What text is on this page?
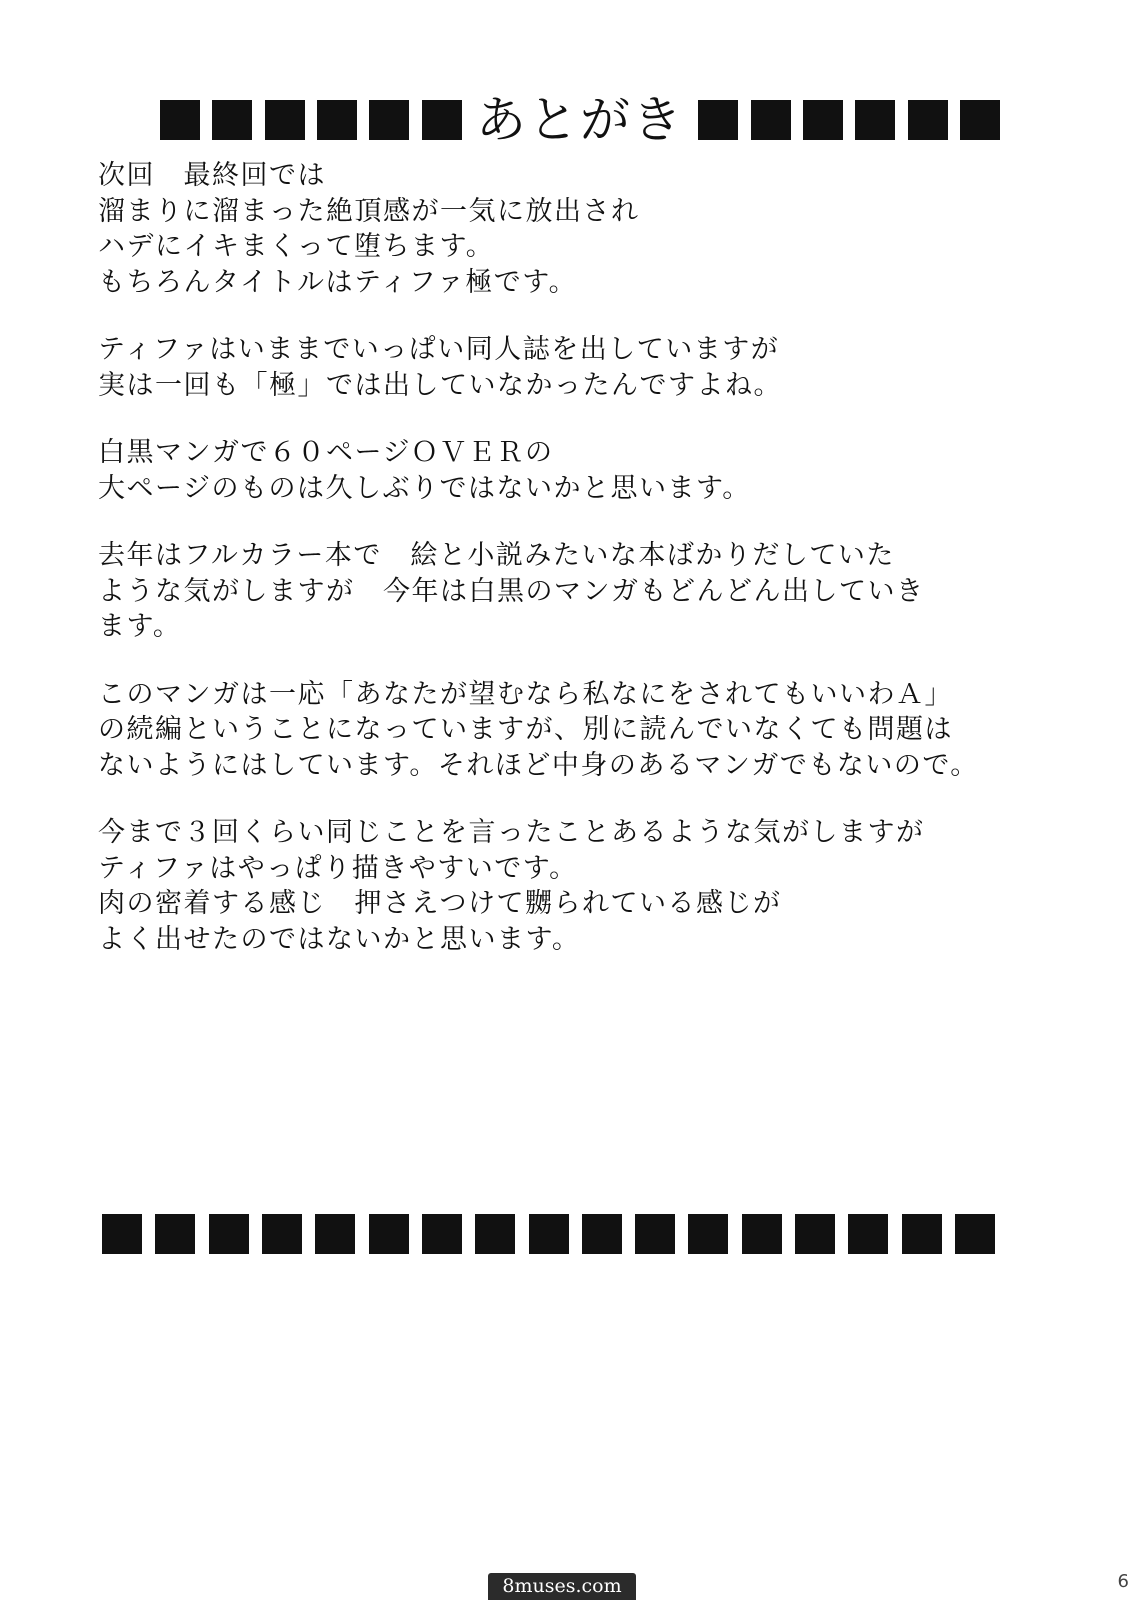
あとがき
次回　最終回では
溜まりに溜まった絶頂感が一気に放出され
ハデにイキまくって堕ちます。
もちろんタイトルはティファ極です。
ティファはいままでいっぱい同人誌を出していますが
実は一回も「極」では出していなかったんですよね。
白黒マンガで６０ページＯＶＥＲの
大ページのものは久しぶりではないかと思います。
去年はフルカラー本で　絵と小説みたいな本ばかりだしていた
ような気がしますが　今年は白黒のマンガもどんどん出していき
ます。
このマンガは一応「あなたが望むなら私なにをされてもいいわＡ」
の続編ということになっていますが、別に読んでいなくても問題は
ないようにはしています。それほど中身のあるマンガでもないので。
今まで３回くらい同じことを言ったことあるような気がしますが
ティファはやっぱり描きやすいです。
肉の密着する感じ　押さえつけて嬲られている感じが
よく出せたのではないかと思います。
8muses.com	6
